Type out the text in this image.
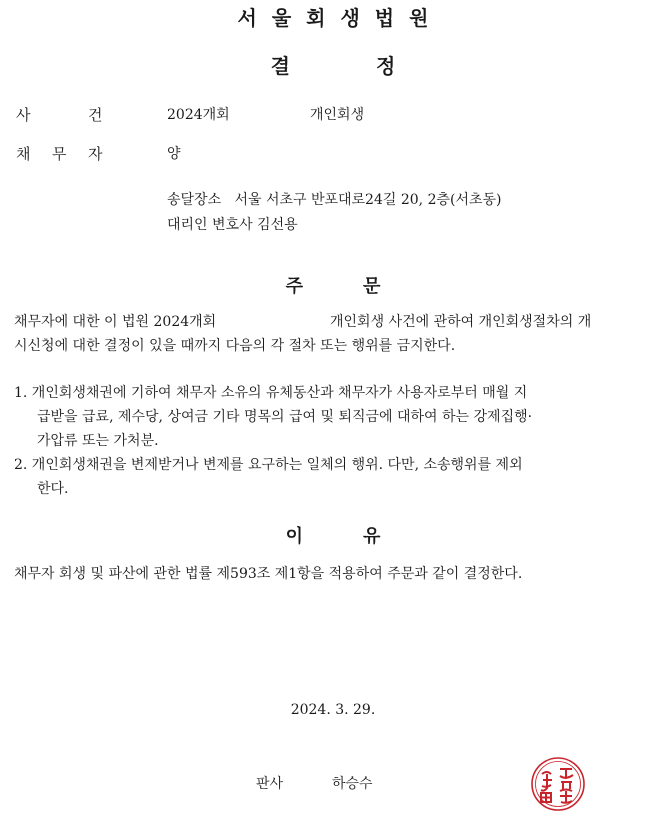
서울회생법원
결	정
사	건	2024개회	개인회생
채 무 자	양
송달장소   서울 서초구 반포대로24길 20, 2층(서초동)
대리인 변호사 김선용
주	문
채무자에 대한 이 법원 2024개회	개인회생 사건에 관하여 개인회생절차의 개
시신청에 대한 결정이 있을 때까지 다음의 각 절차 또는 행위를 금지한다.
1. 개인회생채권에 기하여 채무자 소유의 유체동산과 채무자가 사용자로부터 매월 지
급받을 급료, 제수당, 상여금 기타 명목의 급여 및 퇴직금에 대하여 하는 강제집행·
가압류 또는 가처분.
2. 개인회생채권을 변제받거나 변제를 요구하는 일체의 행위. 다만, 소송행위를 제외
한다.
이	유
채무자 회생 및 파산에 관한 법률 제593조 제1항을 적용하여 주문과 같이 결정한다.
2024. 3. 29.
판사	하승수
